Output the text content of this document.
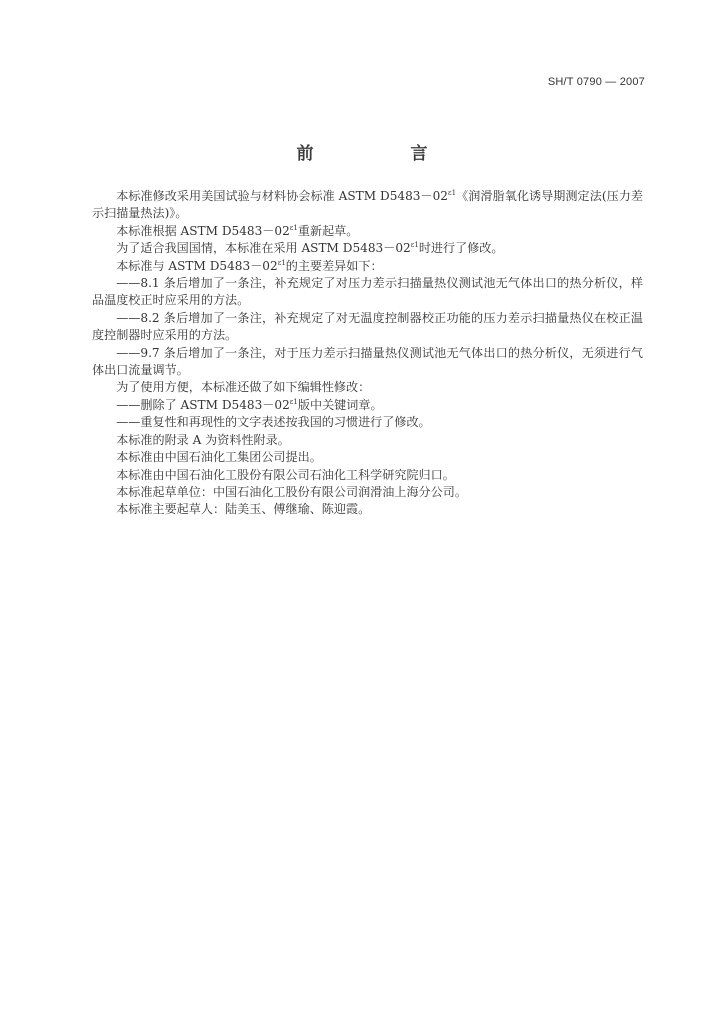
SH/T 0790 — 2007
前　言

本标准修改采用美国试验与材料协会标准 ASTM $D5483-02^{\varepsilon 1}$《润滑脂氧化诱导期测定法(压力差示扫描量热法)》。

本标准根据 ASTM $D5483-02^{\varepsilon 1}$重新起草。

为了适合我国国情，本标准在采用 ASTM $D5483-02^{\varepsilon 1}$时进行了修改。

本标准与 ASTM $D5483-02^{\varepsilon 1}$的主要差异如下：

——8.1 条后增加了一条注，补充规定了对压力差示扫描量热仪测试池无气体出口的热分析仪，样品温度校正时应采用的方法。

——8.2 条后增加了一条注，补充规定了对无温度控制器校正功能的压力差示扫描量热仪在校正温度控制器时应采用的方法。

——9.7 条后增加了一条注，对于压力差示扫描量热仪测试池无气体出口的热分析仪，无须进行气体出口流量调节。

为了使用方便，本标准还做了如下编辑性修改：

——删除了 ASTM $D5483-02^{\varepsilon 1}$版中关键词章。

——重复性和再现性的文字表述按我国的习惯进行了修改。

本标准的附录 A 为资料性附录。

本标准由中国石油化工集团公司提出。

本标准由中国石油化工股份有限公司石油化工科学研究院归口。

本标准起草单位：中国石油化工股份有限公司润滑油上海分公司。

本标准主要起草人：陆美玉、傅继瑜、陈迎霞。
